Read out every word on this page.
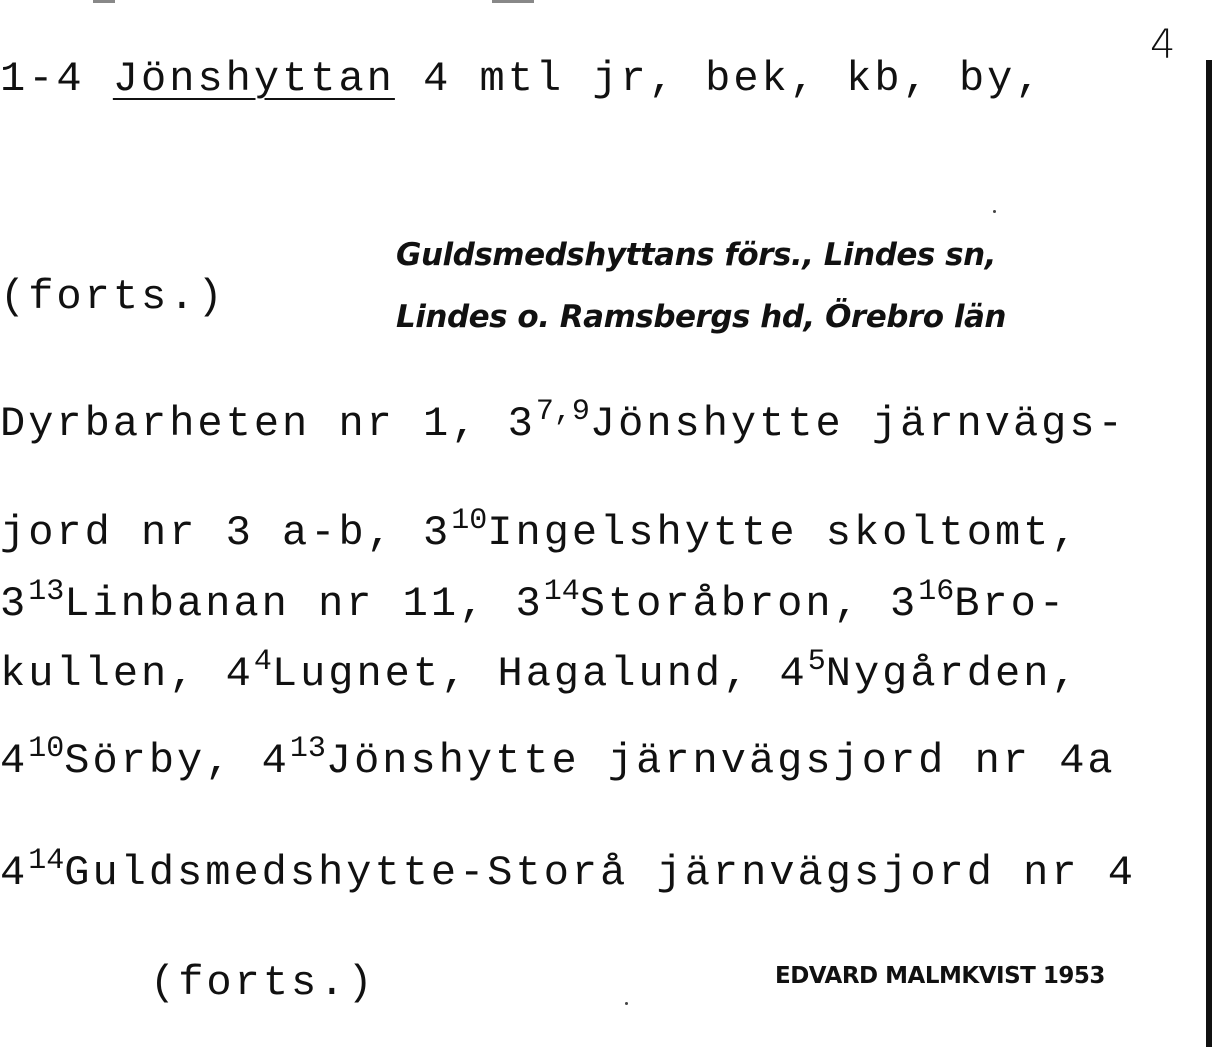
4
1-4 Jönshyttan 4 mtl jr, bek, kb, by,
(forts.)
Guldsmedshyttans förs., Lindes sn,
Lindes o. Ramsbergs hd, Örebro län
Dyrbarheten nr 1, 3$^{7,9}$Jönshytte järnvägs-
jord nr 3 a-b, $3^{10}Ingelshytte$ skoltomt,
$3^{13}Linbanan$ nr 11, $3^{14}Storåbron$, $3^{16}Bro-$
kullen, $4^4Lugnet$, Hagalund, $4^5Nygården$,
$4^{10}Sörby$, $4^{13}Jönshytte$ järnvägsjord nr 4a
$4^{14}Guldsmedshytte$-Storå järnvägsjord nr 4
(forts.)	EDVARD MALMKVIST 1953
